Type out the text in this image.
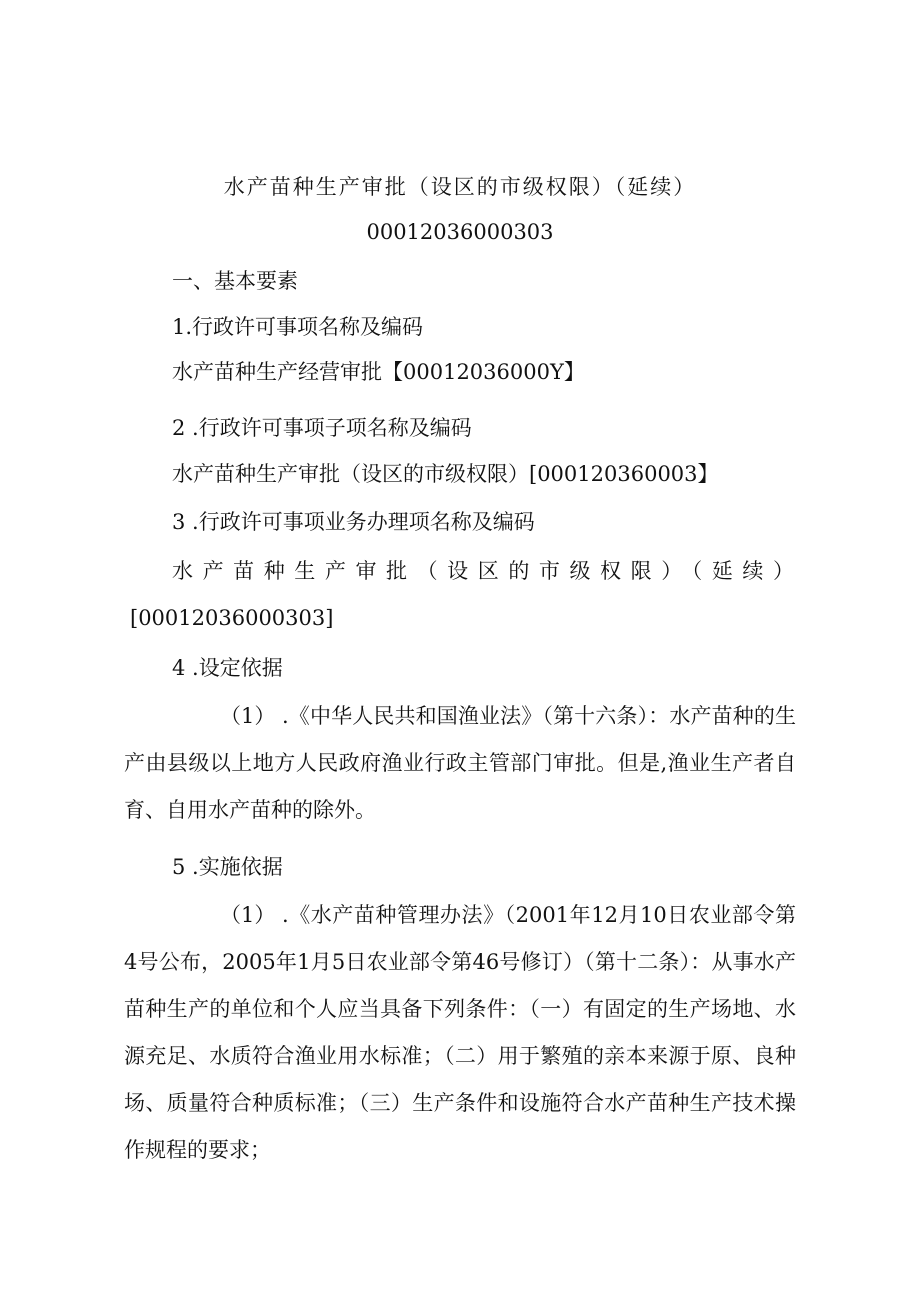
水产苗种生产审批（设区的市级权限）（延续）
00012036000303
一、基本要素
1.行政许可事项名称及编码
水产苗种生产经营审批【00012036000Y】
2 .行政许可事项子项名称及编码
水产苗种生产审批（设区的市级权限）[000120360003】
3 .行政许可事项业务办理项名称及编码
水产苗种生产审批（设区的市级权限）（延续）
[00012036000303]
4 .设定依据
（1） .《中华人民共和国渔业法》（第十六条）：水产苗种的生产由县级以上地方人民政府渔业行政主管部门审批。但是,渔业生产者自育、自用水产苗种的除外。
5 .实施依据
（1） .《水产苗种管理办法》（2001年12月10日农业部令第4号公布，2005年1月5日农业部令第46号修订）（第十二条）：从事水产苗种生产的单位和个人应当具备下列条件：（一）有固定的生产场地、水源充足、水质符合渔业用水标准；（二）用于繁殖的亲本来源于原、良种场、质量符合种质标准；（三）生产条件和设施符合水产苗种生产技术操作规程的要求；
